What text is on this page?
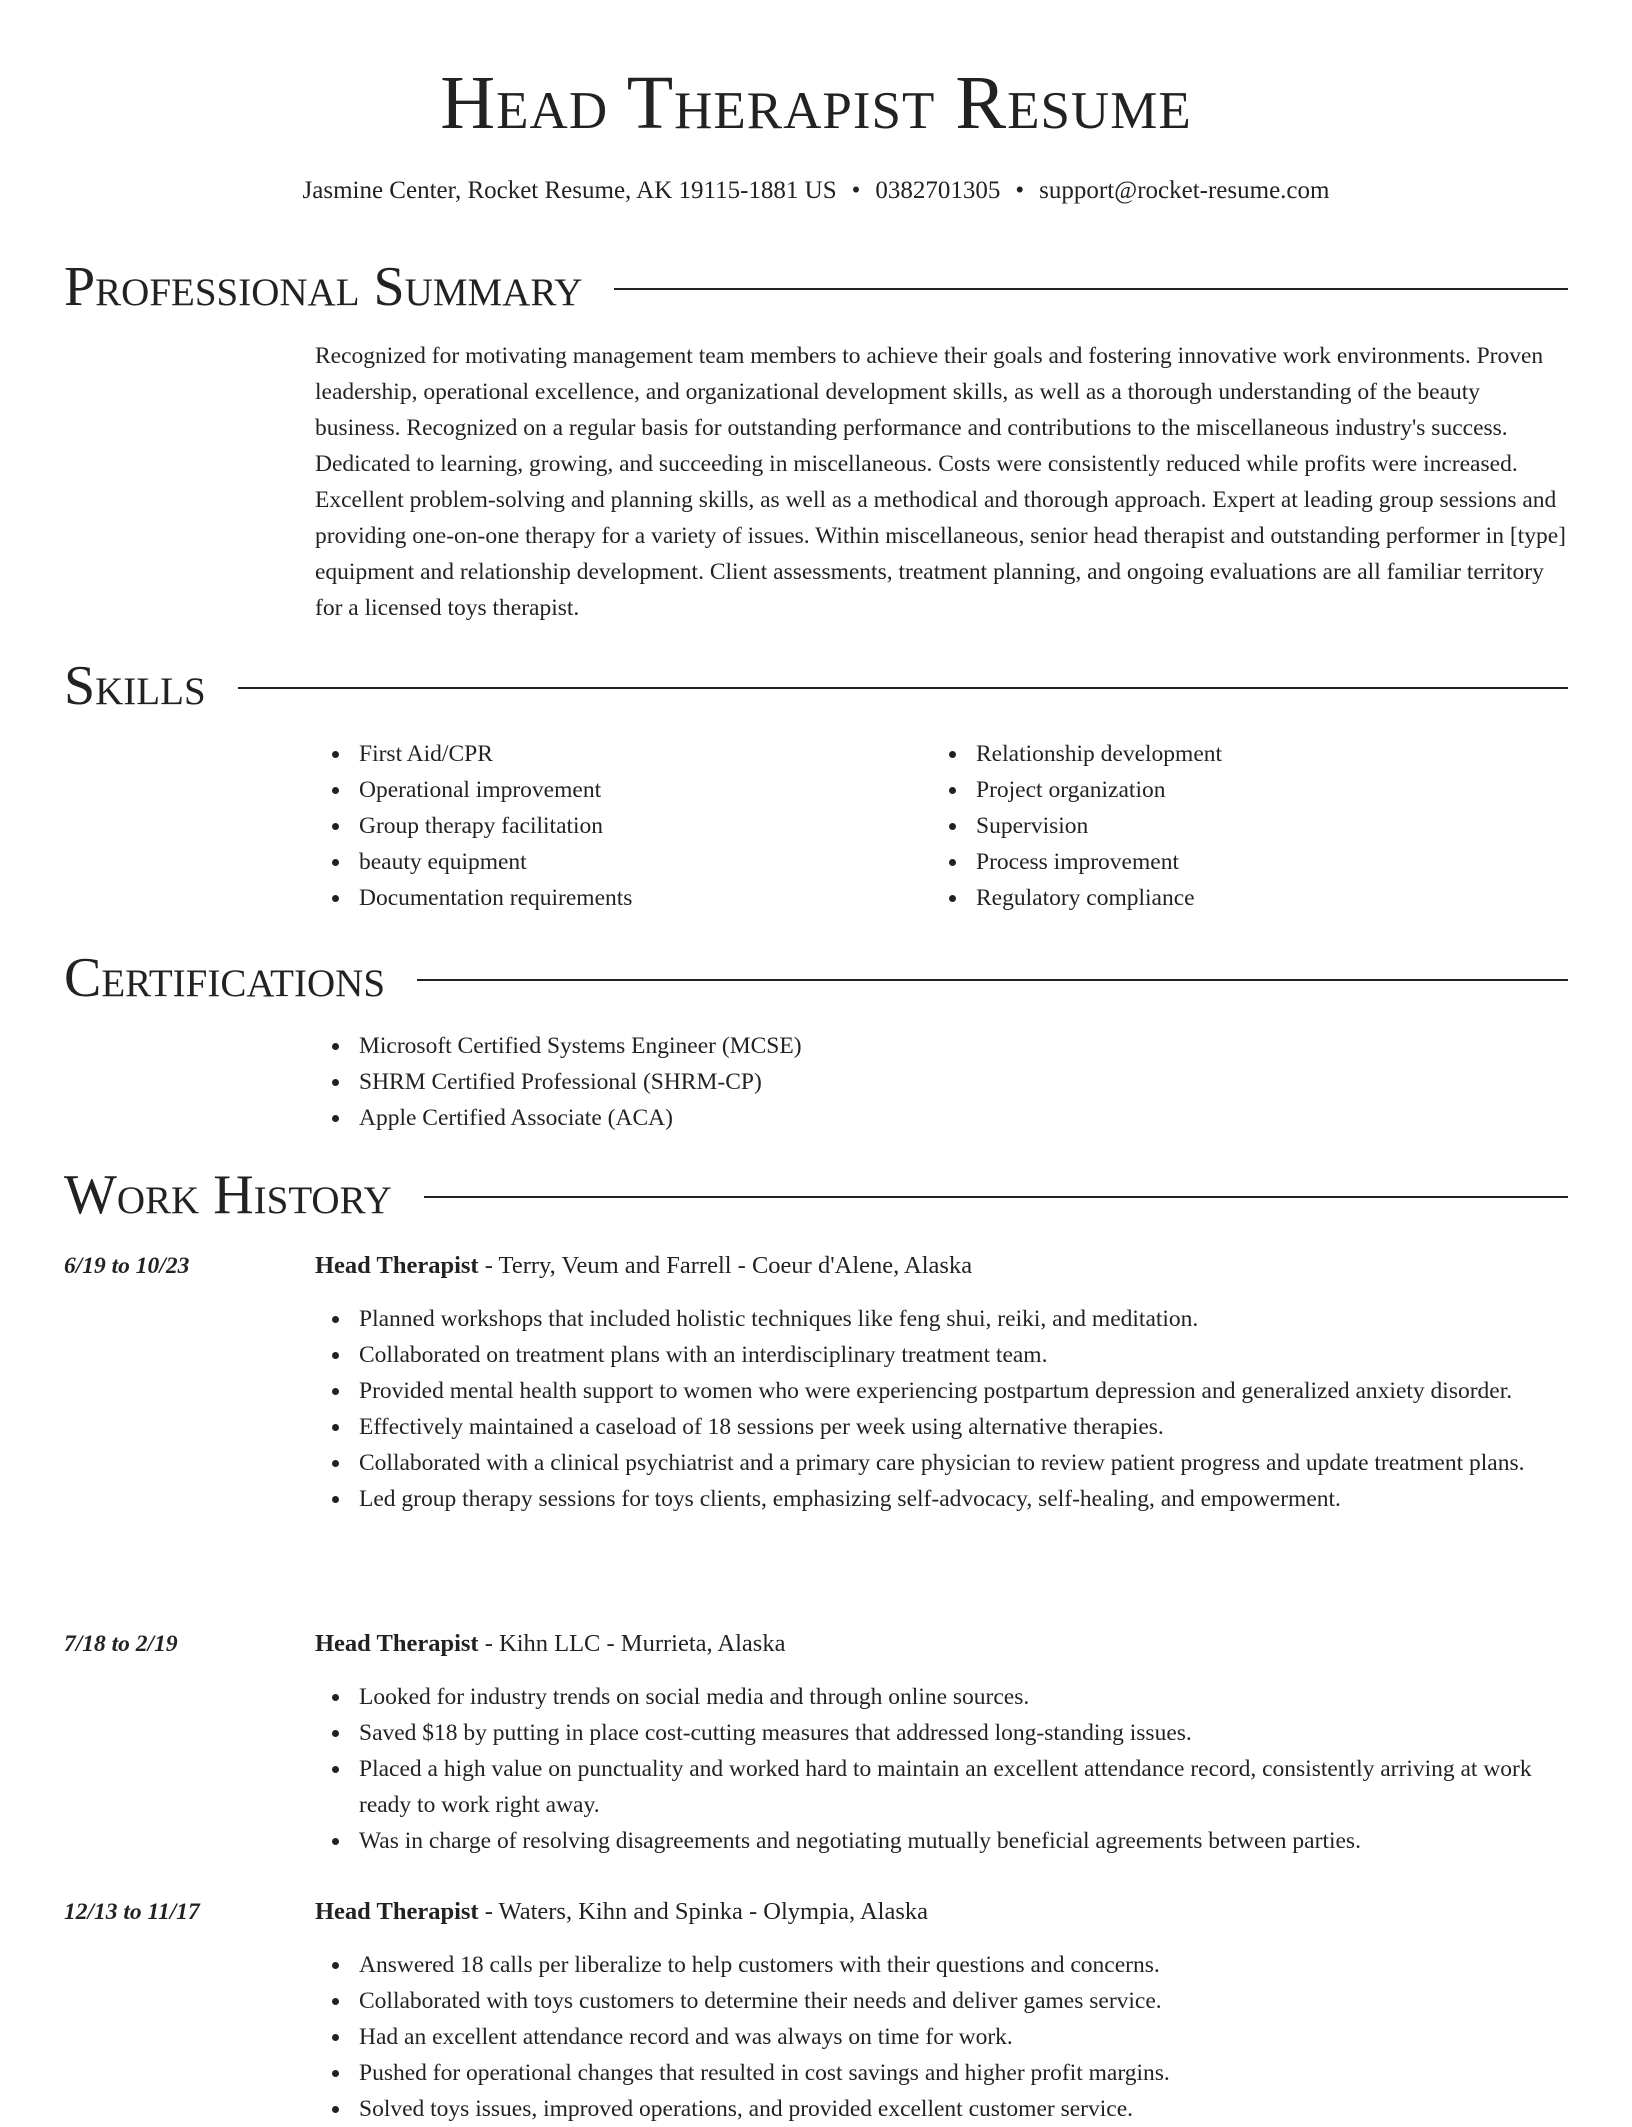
Head Therapist Resume
Jasmine Center, Rocket Resume, AK 19115-1881 US • 0382701305 • support@rocket-resume.com
Professional Summary
Recognized for motivating management team members to achieve their goals and fostering innovative work environments. Proven leadership, operational excellence, and organizational development skills, as well as a thorough understanding of the beauty business. Recognized on a regular basis for outstanding performance and contributions to the miscellaneous industry's success. Dedicated to learning, growing, and succeeding in miscellaneous. Costs were consistently reduced while profits were increased. Excellent problem-solving and planning skills, as well as a methodical and thorough approach. Expert at leading group sessions and providing one-on-one therapy for a variety of issues. Within miscellaneous, senior head therapist and outstanding performer in [type] equipment and relationship development. Client assessments, treatment planning, and ongoing evaluations are all familiar territory for a licensed toys therapist.
Skills
First Aid/CPR
Operational improvement
Group therapy facilitation
beauty equipment
Documentation requirements
Relationship development
Project organization
Supervision
Process improvement
Regulatory compliance
Certifications
Microsoft Certified Systems Engineer (MCSE)
SHRM Certified Professional (SHRM-CP)
Apple Certified Associate (ACA)
Work History
6/19 to 10/23	Head Therapist - Terry, Veum and Farrell - Coeur d'Alene, Alaska
Planned workshops that included holistic techniques like feng shui, reiki, and meditation.
Collaborated on treatment plans with an interdisciplinary treatment team.
Provided mental health support to women who were experiencing postpartum depression and generalized anxiety disorder.
Effectively maintained a caseload of 18 sessions per week using alternative therapies.
Collaborated with a clinical psychiatrist and a primary care physician to review patient progress and update treatment plans.
Led group therapy sessions for toys clients, emphasizing self-advocacy, self-healing, and empowerment.
7/18 to 2/19	Head Therapist - Kihn LLC - Murrieta, Alaska
Looked for industry trends on social media and through online sources.
Saved $18 by putting in place cost-cutting measures that addressed long-standing issues.
Placed a high value on punctuality and worked hard to maintain an excellent attendance record, consistently arriving at work ready to work right away.
Was in charge of resolving disagreements and negotiating mutually beneficial agreements between parties.
12/13 to 11/17	Head Therapist - Waters, Kihn and Spinka - Olympia, Alaska
Answered 18 calls per liberalize to help customers with their questions and concerns.
Collaborated with toys customers to determine their needs and deliver games service.
Had an excellent attendance record and was always on time for work.
Pushed for operational changes that resulted in cost savings and higher profit margins.
Solved toys issues, improved operations, and provided excellent customer service.
